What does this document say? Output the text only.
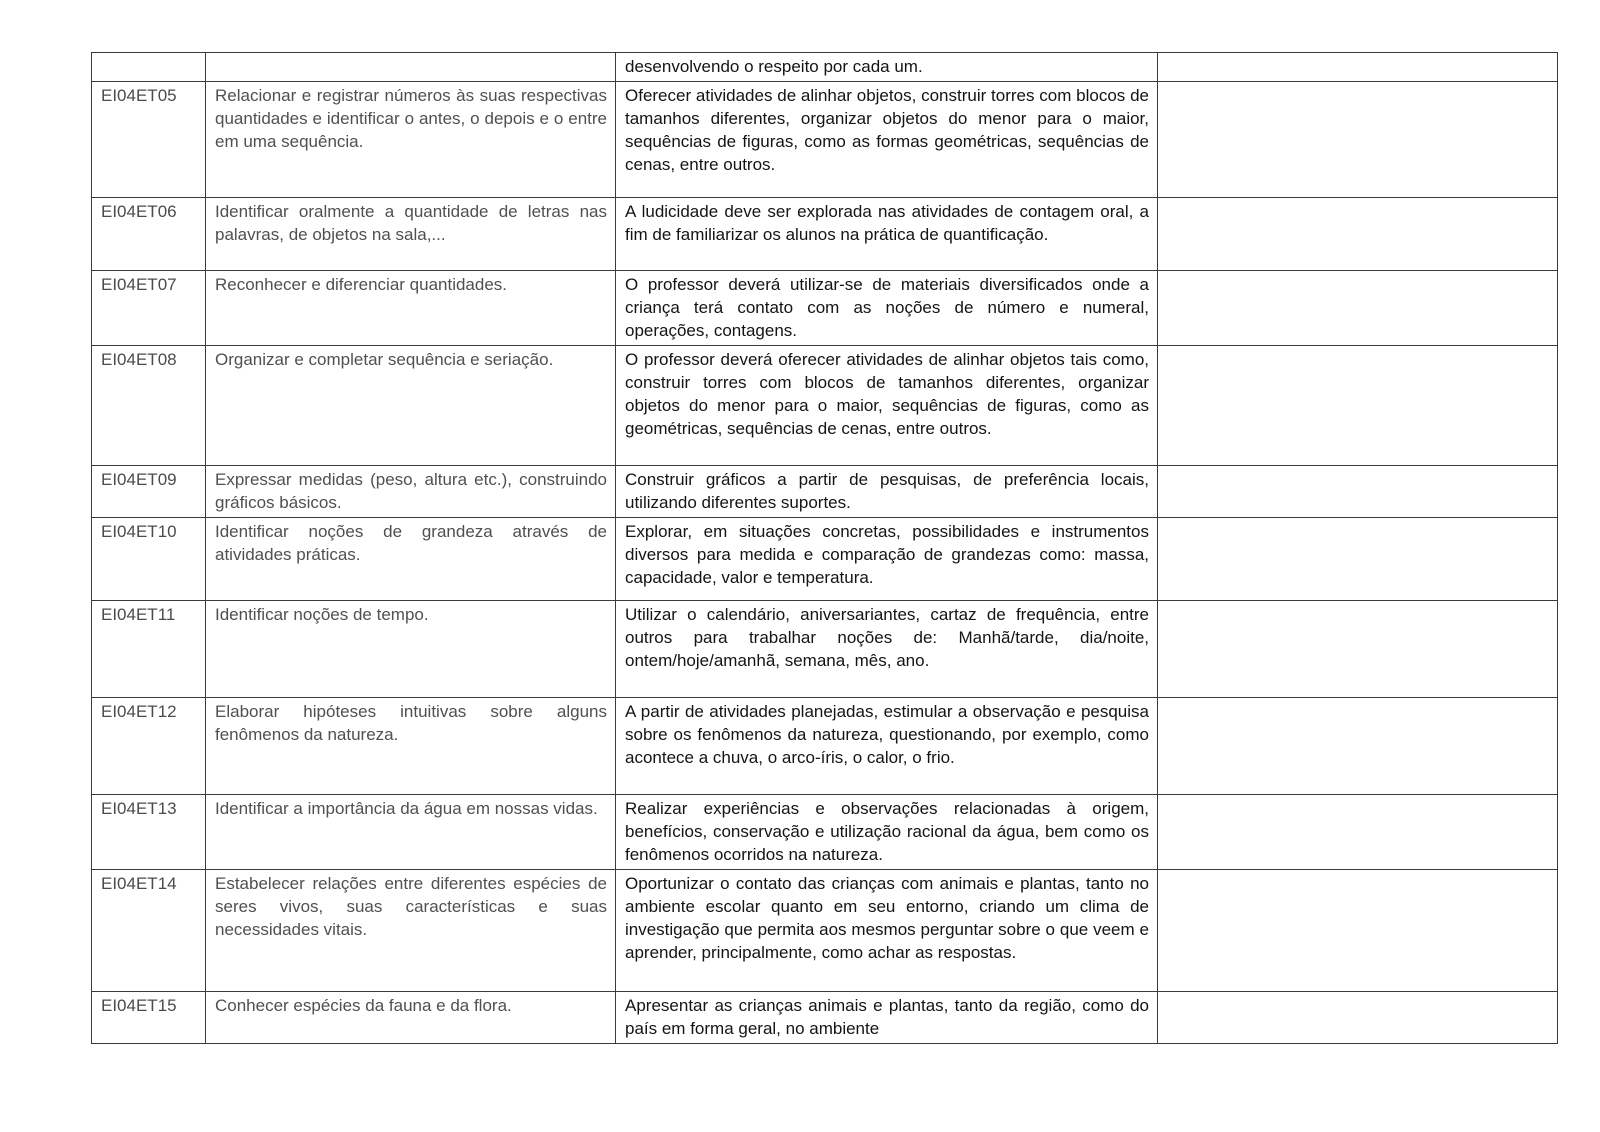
		desenvolvendo o respeito por cada um.	
EI04ET05	Relacionar e registrar números às suas respectivas quantidades e identificar o antes, o depois e o entre em uma sequência.	Oferecer atividades de alinhar objetos, construir torres com blocos de tamanhos diferentes, organizar objetos do menor para o maior, sequências de figuras, como as formas geométricas, sequências de cenas, entre outros.	
EI04ET06	Identificar oralmente a quantidade de letras nas palavras, de objetos na sala,...	A ludicidade deve ser explorada nas atividades de contagem oral, a fim de familiarizar os alunos na prática de quantificação.	
EI04ET07	Reconhecer e diferenciar quantidades.	O professor deverá utilizar-se de materiais diversificados onde a criança terá contato com as noções de número e numeral, operações, contagens.	
EI04ET08	Organizar e completar sequência e seriação.	O professor deverá oferecer atividades de alinhar objetos tais como, construir torres com blocos de tamanhos diferentes, organizar objetos do menor para o maior, sequências de figuras, como as geométricas, sequências de cenas, entre outros.	
EI04ET09	Expressar medidas (peso, altura etc.), construindo gráficos básicos.	Construir gráficos a partir de pesquisas, de preferência locais, utilizando diferentes suportes.	
EI04ET10	Identificar noções de grandeza através de atividades práticas.	Explorar, em situações concretas, possibilidades e instrumentos diversos para medida e comparação de grandezas como: massa, capacidade, valor e temperatura.	
EI04ET11	Identificar noções de tempo.	Utilizar o calendário, aniversariantes, cartaz de frequência, entre outros para trabalhar noções de: Manhã/tarde, dia/noite, ontem/hoje/amanhã, semana, mês, ano.	
EI04ET12	Elaborar hipóteses intuitivas sobre alguns fenômenos da natureza.	A partir de atividades planejadas, estimular a observação e pesquisa sobre os fenômenos da natureza, questionando, por exemplo, como acontece a chuva, o arco-íris, o calor, o frio.	
EI04ET13	Identificar a importância da água em nossas vidas.	Realizar experiências e observações relacionadas à origem, benefícios, conservação e utilização racional da água, bem como os fenômenos ocorridos na natureza.	
EI04ET14	Estabelecer relações entre diferentes espécies de seres vivos, suas características e suas necessidades vitais.	Oportunizar o contato das crianças com animais e plantas, tanto no ambiente escolar quanto em seu entorno, criando um clima de investigação que permita aos mesmos perguntar sobre o que veem e aprender, principalmente, como achar as respostas.	
EI04ET15	Conhecer espécies da fauna e da flora.	Apresentar as crianças animais e plantas, tanto da região, como do país em forma geral, no ambiente	
